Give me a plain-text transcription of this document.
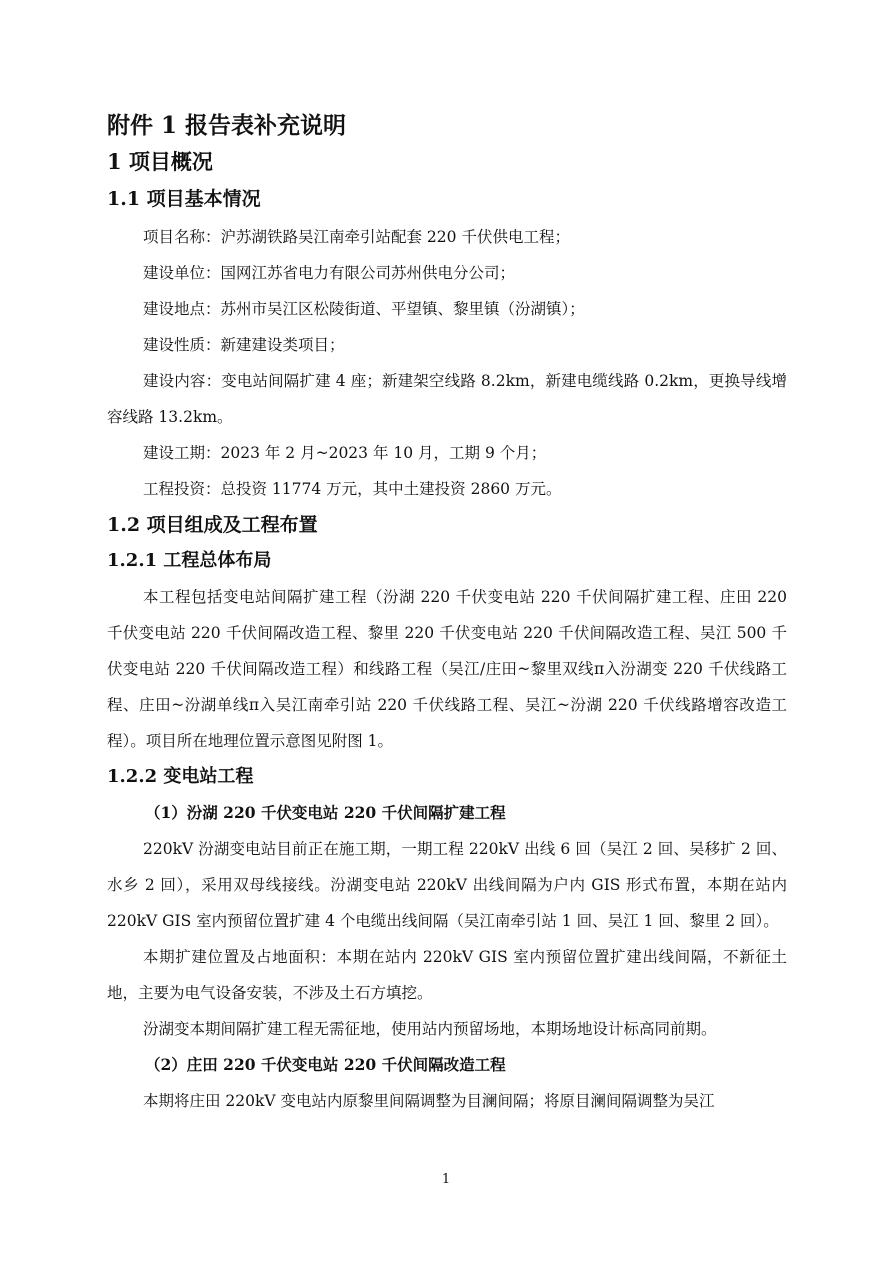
附件 1 报告表补充说明
1 项目概况
1.1 项目基本情况

项目名称：沪苏湖铁路吴江南牵引站配套 220 千伏供电工程；

建设单位：国网江苏省电力有限公司苏州供电分公司；

建设地点：苏州市吴江区松陵街道、平望镇、黎里镇（汾湖镇）；

建设性质：新建建设类项目；

建设内容：变电站间隔扩建 4 座；新建架空线路 8.2km，新建电缆线路 0.2km，更换导线增容线路 13.2km。

建设工期：2023 年 2 月~2023 年 10 月，工期 9 个月；

工程投资：总投资 11774 万元，其中土建投资 2860 万元。

1.2 项目组成及工程布置
1.2.1 工程总体布局

本工程包括变电站间隔扩建工程（汾湖 220 千伏变电站 220 千伏间隔扩建工程、庄田 220 千伏变电站 220 千伏间隔改造工程、黎里 220 千伏变电站 220 千伏间隔改造工程、吴江 500 千伏变电站 220 千伏间隔改造工程）和线路工程（吴江/庄田~黎里双线π入汾湖变 220 千伏线路工程、庄田~汾湖单线π入吴江南牵引站 220 千伏线路工程、吴江~汾湖 220 千伏线路增容改造工程）。项目所在地理位置示意图见附图 1。

1.2.2 变电站工程
（1）汾湖 220 千伏变电站 220 千伏间隔扩建工程

220kV 汾湖变电站目前正在施工期，一期工程 220kV 出线 6 回（吴江 2 回、吴移扩 2 回、水乡 2 回），采用双母线接线。汾湖变电站 220kV 出线间隔为户内 GIS 形式布置，本期在站内 220kV GIS 室内预留位置扩建 4 个电缆出线间隔（吴江南牵引站 1 回、吴江 1 回、黎里 2 回）。

本期扩建位置及占地面积：本期在站内 220kV GIS 室内预留位置扩建出线间隔，不新征土地，主要为电气设备安装，不涉及土石方填挖。

汾湖变本期间隔扩建工程无需征地，使用站内预留场地，本期场地设计标高同前期。

（2）庄田 220 千伏变电站 220 千伏间隔改造工程

本期将庄田 220kV 变电站内原黎里间隔调整为目澜间隔；将原目澜间隔调整为吴江

1
